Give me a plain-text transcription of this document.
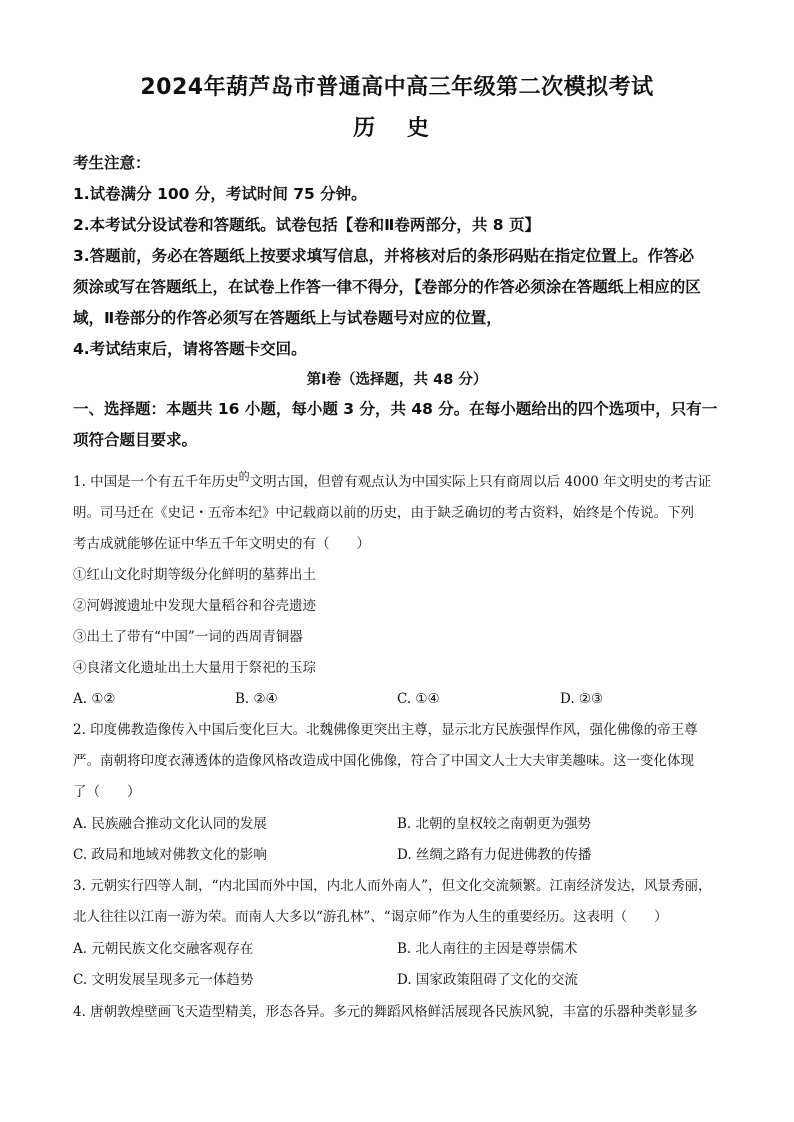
2024年葫芦岛市普通高中高三年级第二次模拟考试
历 史
考生注意：
1.试卷满分 100 分，考试时间 75 分钟。
2.本考试分设试卷和答题纸。试卷包括【卷和Ⅱ卷两部分，共 8 页】
3.答题前，务必在答题纸上按要求填写信息，并将核对后的条形码贴在指定位置上。作答必
须涂或写在答题纸上，在试卷上作答一律不得分，【卷部分的作答必须涂在答题纸上相应的区
域，Ⅱ卷部分的作答必须写在答题纸上与试卷题号对应的位置，
4.考试结束后，请将答题卡交回。
第Ⅰ卷（选择题，共 48 分）
一、选择题：本题共 16 小题，每小题 3 分，共 48 分。在每小题给出的四个选项中，只有一
项符合题目要求。
1. 中国是一个有五千年历史$^的$文明古国，但曾有观点认为中国实际上只有商周以后 4000 年文明史的考古证
明。司马迁在《史记・五帝本纪》中记载商以前的历史，由于缺乏确切的考古资料，始终是个传说。下列
考古成就能够佐证中华五千年文明史的有（　　）
①红山文化时期等级分化鲜明的墓葬出土
②河姆渡遗址中发现大量稻谷和谷壳遗迹
③出土了带有“中国”一词的西周青铜器
④良渚文化遗址出土大量用于祭祀的玉琮
A. ①②	B. ②④	C. ①④	D. ②③
2. 印度佛教造像传入中国后变化巨大。北魏佛像更突出主尊，显示北方民族强悍作风，强化佛像的帝王尊
严。南朝将印度衣薄透体的造像风格改造成中国化佛像，符合了中国文人士大夫审美趣味。这一变化体现
了（　　）
A. 民族融合推动文化认同的发展	B. 北朝的皇权较之南朝更为强势
C. 政局和地域对佛教文化的影响	D. 丝绸之路有力促进佛教的传播
3. 元朝实行四等人制，“内北国而外中国，内北人而外南人”，但文化交流频繁。江南经济发达，风景秀丽，
北人往往以江南一游为荣。而南人大多以“游孔林”、“谒京师”作为人生的重要经历。这表明（　　）
A. 元朝民族文化交融客观存在	B. 北人南往的主因是尊崇儒术
C. 文明发展呈现多元一体趋势	D. 国家政策阻碍了文化的交流
4. 唐朝敦煌壁画飞天造型精美，形态各异。多元的舞蹈风格鲜活展现各民族风貌，丰富的乐器种类彰显多
